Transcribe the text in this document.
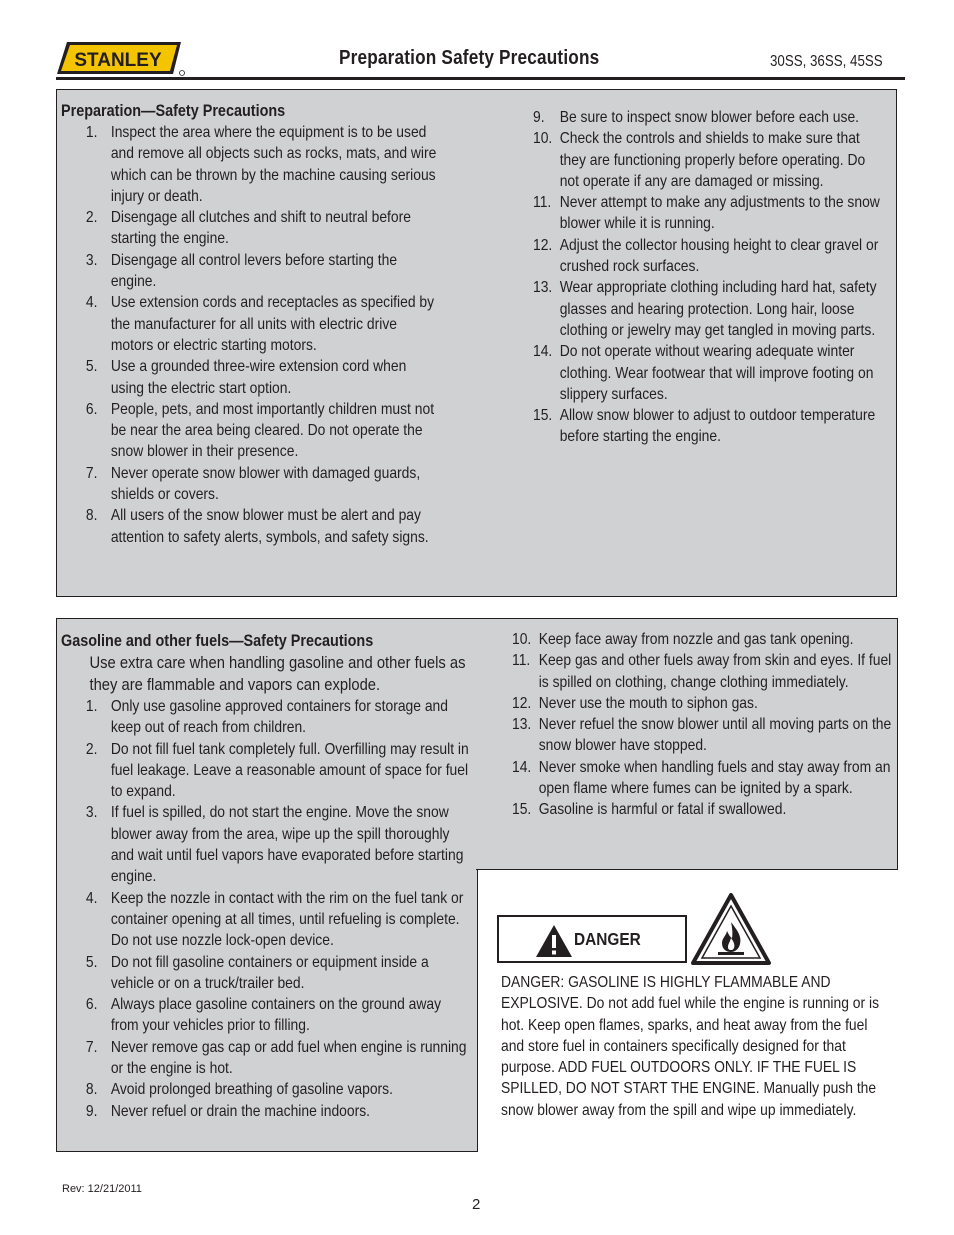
STANLEY	Preparation Safety Precautions	30SS, 36SS, 45SS
Preparation—Safety Precautions
1. Inspect the area where the equipment is to be used and remove all objects such as rocks, mats, and wire which can be thrown by the machine causing serious injury or death.
2. Disengage all clutches and shift to neutral before starting the engine.
3. Disengage all control levers before starting the engine.
4. Use extension cords and receptacles as specified by the manufacturer for all units with electric drive motors or electric starting motors.
5. Use a grounded three-wire extension cord when using the electric start option.
6. People, pets, and most importantly children must not be near the area being cleared. Do not operate the snow blower in their presence.
7. Never operate snow blower with damaged guards, shields or covers.
8. All users of the snow blower must be alert and pay attention to safety alerts, symbols, and safety signs.
9. Be sure to inspect snow blower before each use.
10. Check the controls and shields to make sure that they are functioning properly before operating. Do not operate if any are damaged or missing.
11. Never attempt to make any adjustments to the snow blower while it is running.
12. Adjust the collector housing height to clear gravel or crushed rock surfaces.
13. Wear appropriate clothing including hard hat, safety glasses and hearing protection. Long hair, loose clothing or jewelry may get tangled in moving parts.
14. Do not operate without wearing adequate winter clothing. Wear footwear that will improve footing on slippery surfaces.
15. Allow snow blower to adjust to outdoor temperature before starting the engine.
Gasoline and other fuels—Safety Precautions
Use extra care when handling gasoline and other fuels as they are flammable and vapors can explode.
1. Only use gasoline approved containers for storage and keep out of reach from children.
2. Do not fill fuel tank completely full. Overfilling may result in fuel leakage. Leave a reasonable amount of space for fuel to expand.
3. If fuel is spilled, do not start the engine. Move the snow blower away from the area, wipe up the spill thoroughly and wait until fuel vapors have evaporated before starting engine.
4. Keep the nozzle in contact with the rim on the fuel tank or container opening at all times, until refueling is complete. Do not use nozzle lock-open device.
5. Do not fill gasoline containers or equipment inside a vehicle or on a truck/trailer bed.
6. Always place gasoline containers on the ground away from your vehicles prior to filling.
7. Never remove gas cap or add fuel when engine is running or the engine is hot.
8. Avoid prolonged breathing of gasoline vapors.
9. Never refuel or drain the machine indoors.
10. Keep face away from nozzle and gas tank opening.
11. Keep gas and other fuels away from skin and eyes. If fuel is spilled on clothing, change clothing immediately.
12. Never use the mouth to siphon gas.
13. Never refuel the snow blower until all moving parts on the snow blower have stopped.
14. Never smoke when handling fuels and stay away from an open flame where fumes can be ignited by a spark.
15. Gasoline is harmful or fatal if swallowed.
DANGER
DANGER: GASOLINE IS HIGHLY FLAMMABLE AND EXPLOSIVE. Do not add fuel while the engine is running or is hot. Keep open flames, sparks, and heat away from the fuel and store fuel in containers specifically designed for that purpose. ADD FUEL OUTDOORS ONLY. IF THE FUEL IS SPILLED, DO NOT START THE ENGINE. Manually push the snow blower away from the spill and wipe up immediately.
Rev: 12/21/2011
2
